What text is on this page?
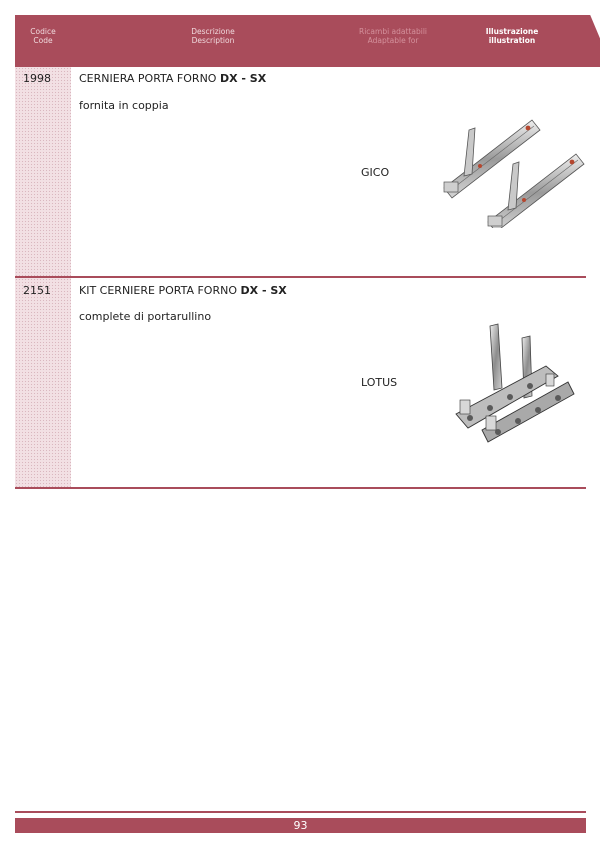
Codice
Code
Descrizione
Description
Ricambi adattabili
Adaptable for
Illustrazione
illustration
1998	CERNIERA PORTA FORNO DX - SX
fornita in coppia
GICO
2151	KIT CERNIERE PORTA FORNO DX - SX
complete di portarullino
LOTUS
93
